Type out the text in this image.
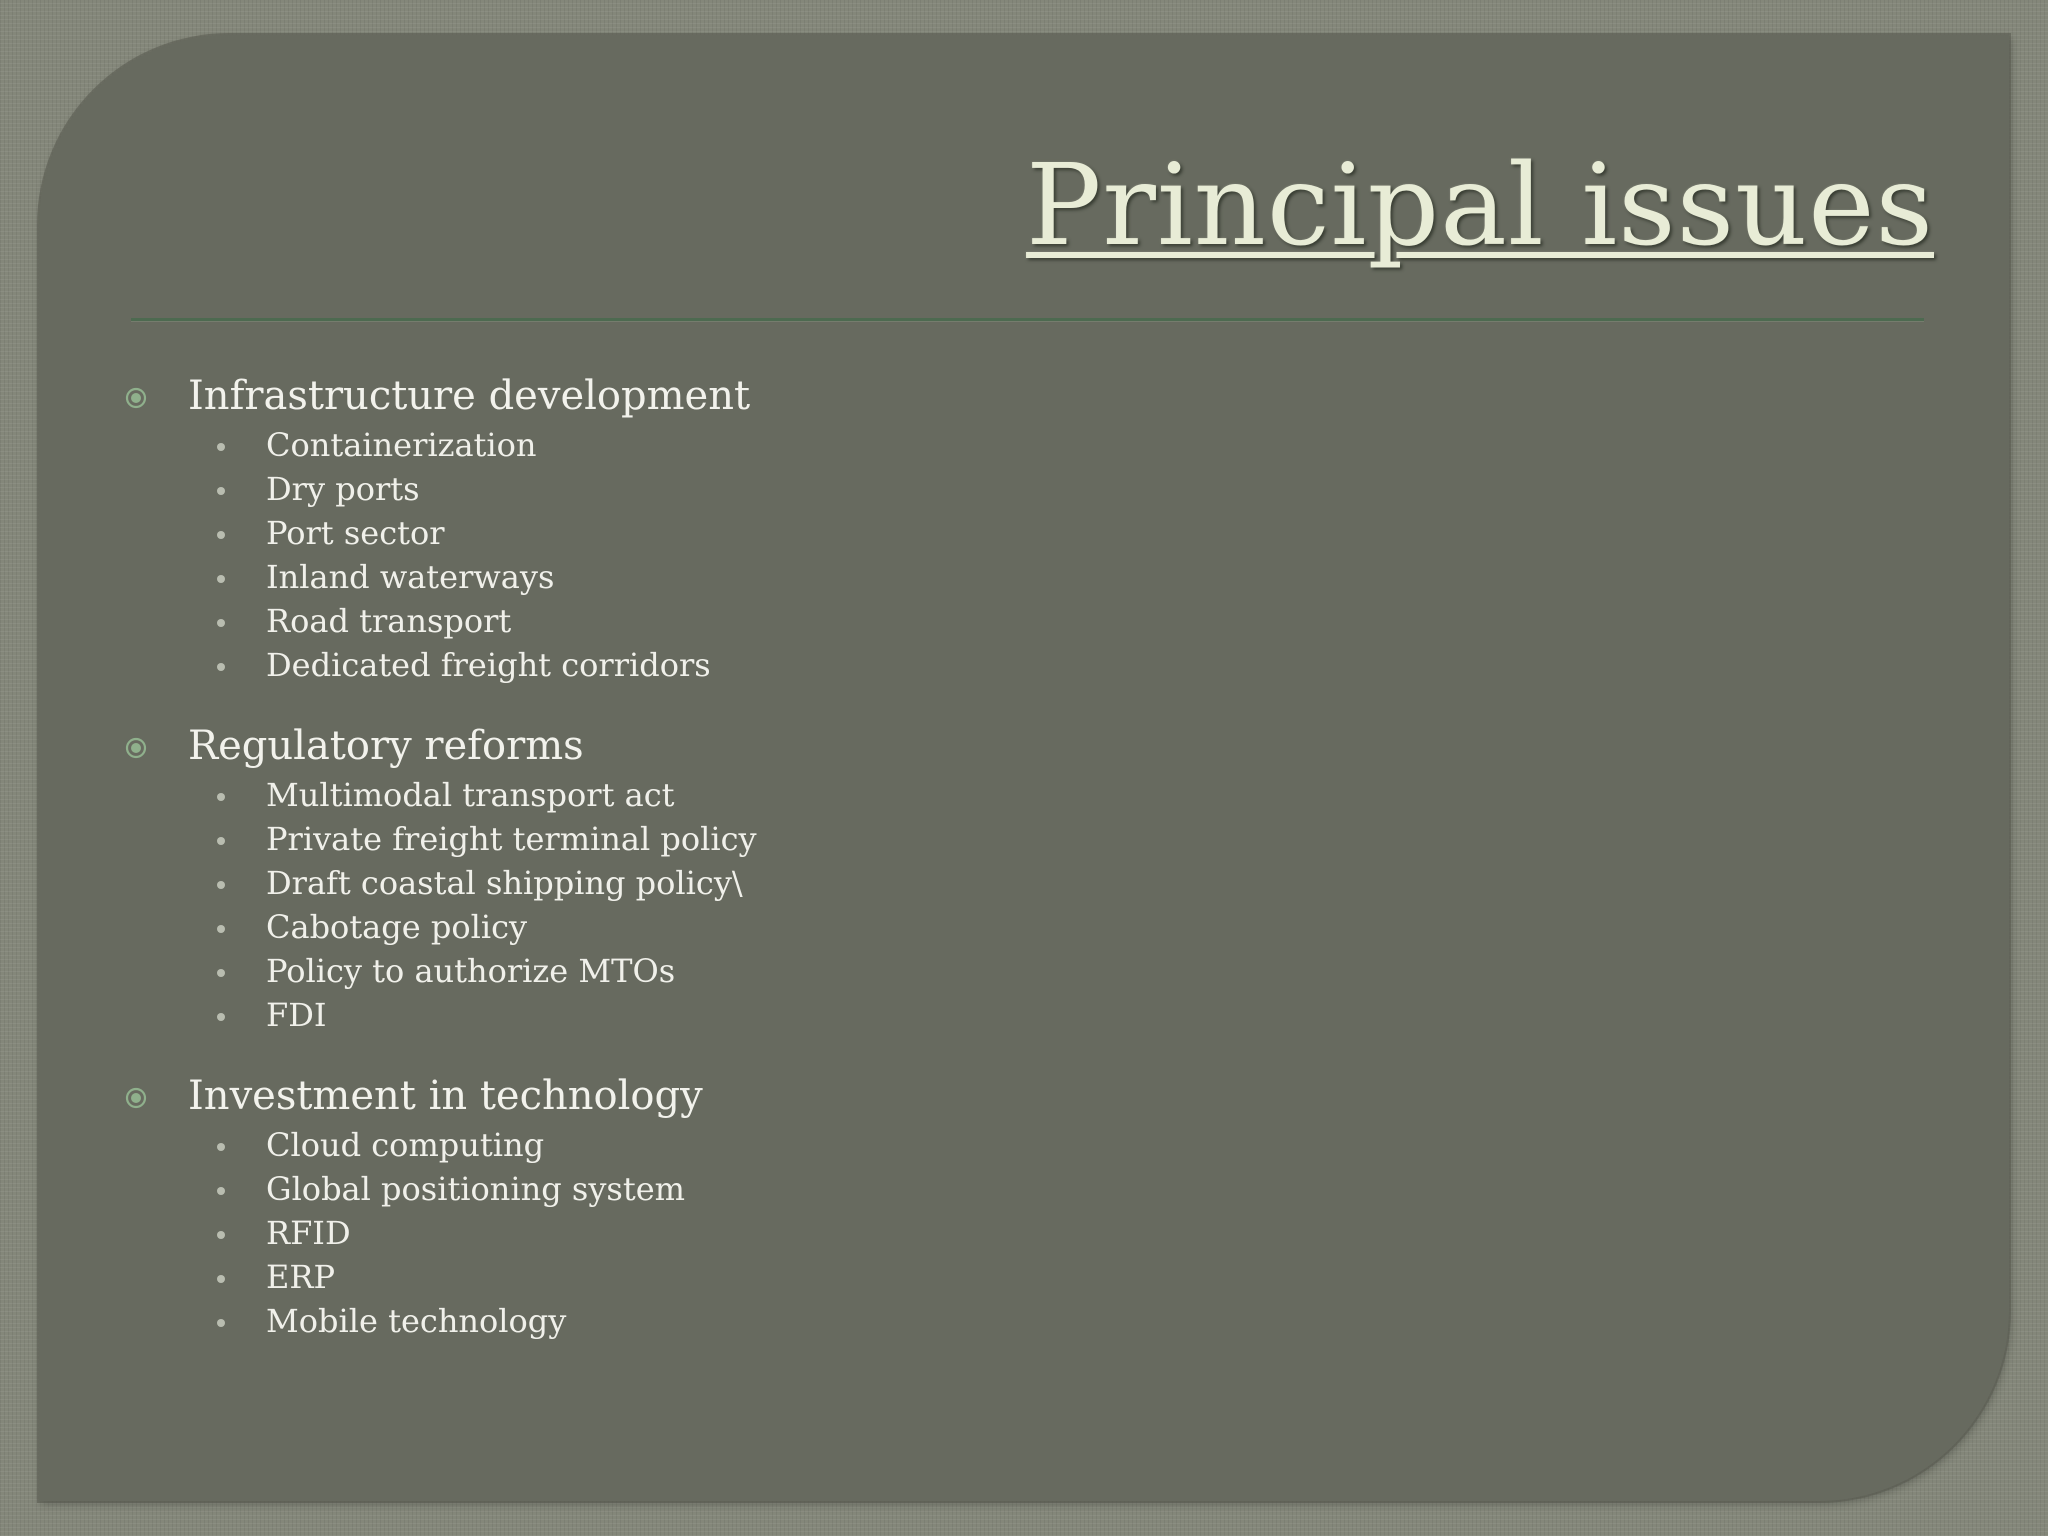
Principal issues
Infrastructure development
Containerization
Dry ports
Port sector
Inland waterways
Road transport
Dedicated freight corridors
Regulatory reforms
Multimodal transport act
Private freight terminal policy
Draft coastal shipping policy\
Cabotage policy
Policy to authorize MTOs
FDI
Investment in technology
Cloud computing
Global positioning system
RFID
ERP
Mobile technology
